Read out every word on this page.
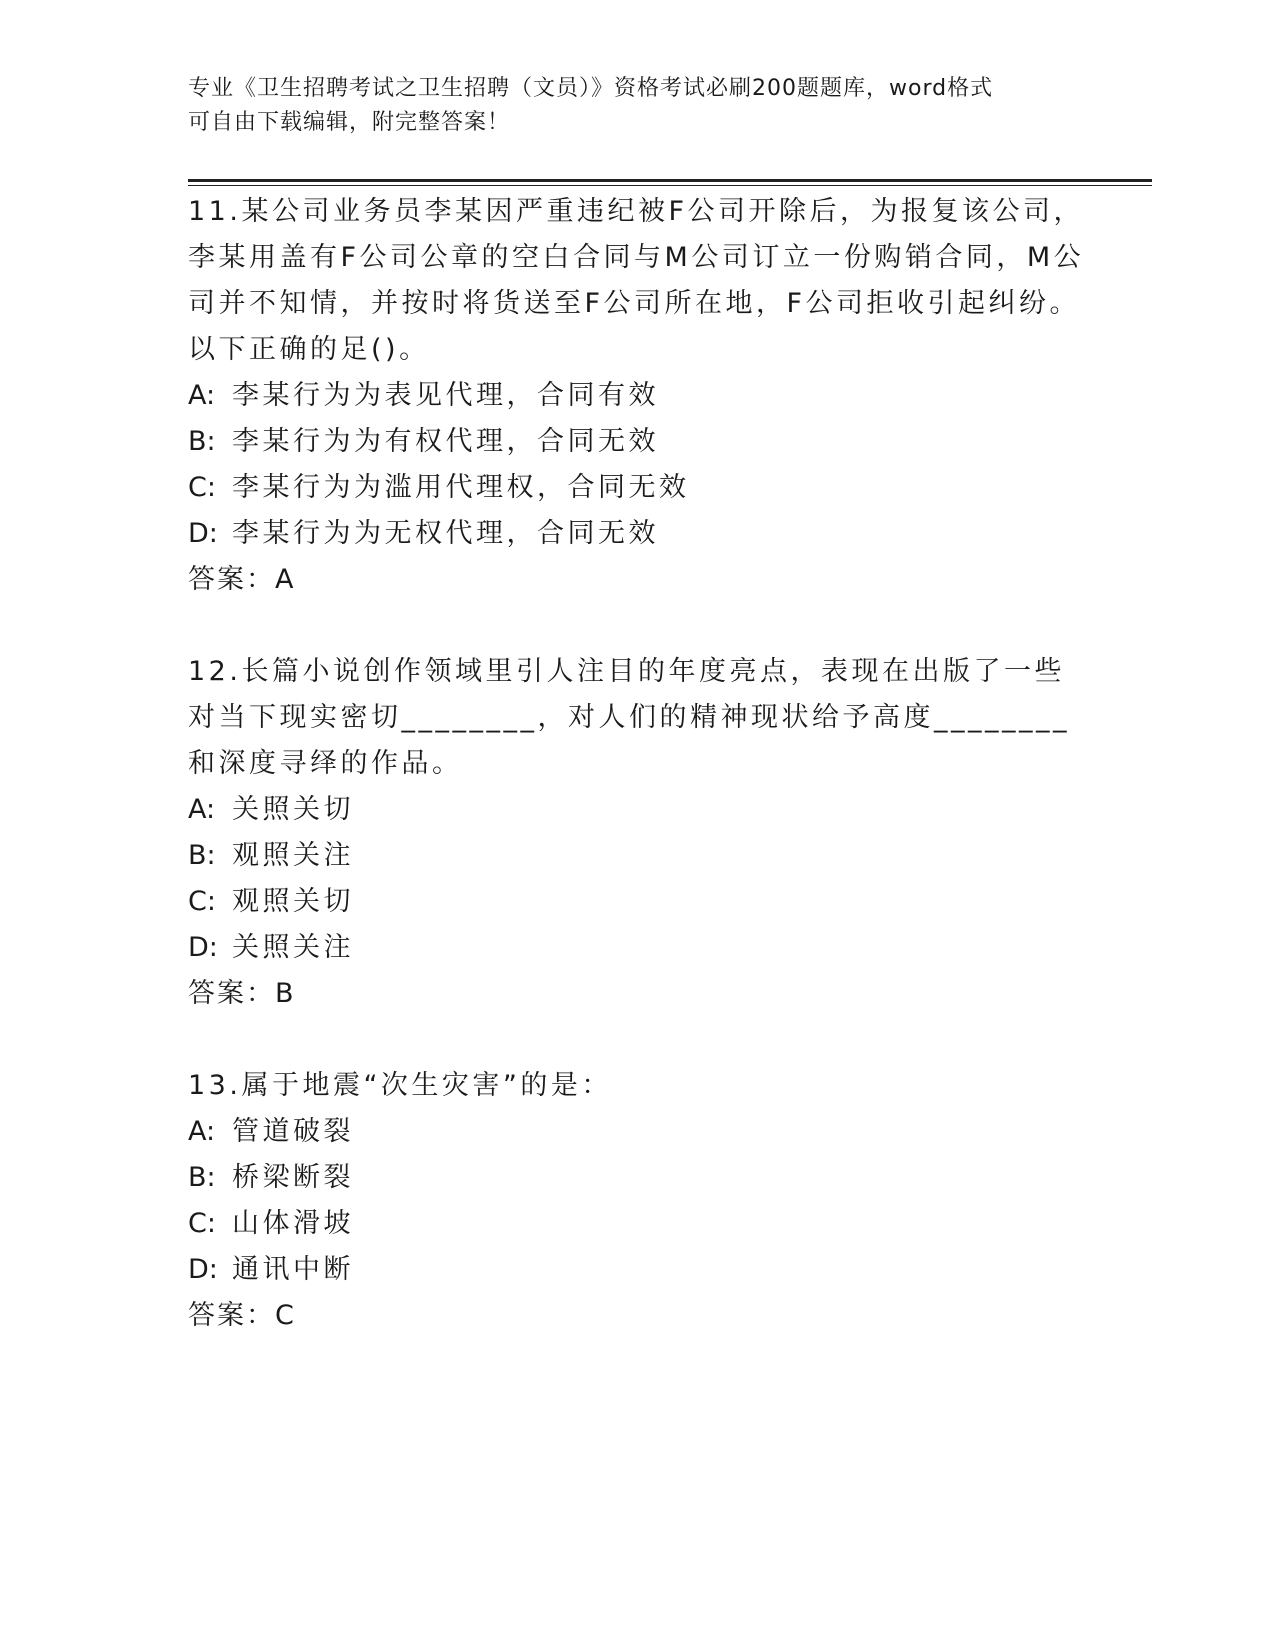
专业《卫生招聘考试之卫生招聘（文员）》资格考试必刷200题题库，word格式
可自由下载编辑，附完整答案！

11.某公司业务员李某因严重违纪被F公司开除后，为报复该公司，李某用盖有F公司公章的空白合同与M公司订立一份购销合同，M公司并不知情，并按时将货送至F公司所在地，F公司拒收引起纠纷。以下正确的足()。

A: 李某行为为表见代理，合同有效

B: 李某行为为有权代理，合同无效

C: 李某行为为滥用代理权，合同无效

D: 李某行为为无权代理，合同无效

答案：A

12.长篇小说创作领域里引人注目的年度亮点，表现在出版了一些对当下现实密切________，对人们的精神现状给予高度________和深度寻绎的作品。

A: 关照关切

B: 观照关注

C: 观照关切

D: 关照关注

答案：B

13.属于地震“次生灾害”的是：

A: 管道破裂

B: 桥梁断裂

C: 山体滑坡

D: 通讯中断

答案：C
